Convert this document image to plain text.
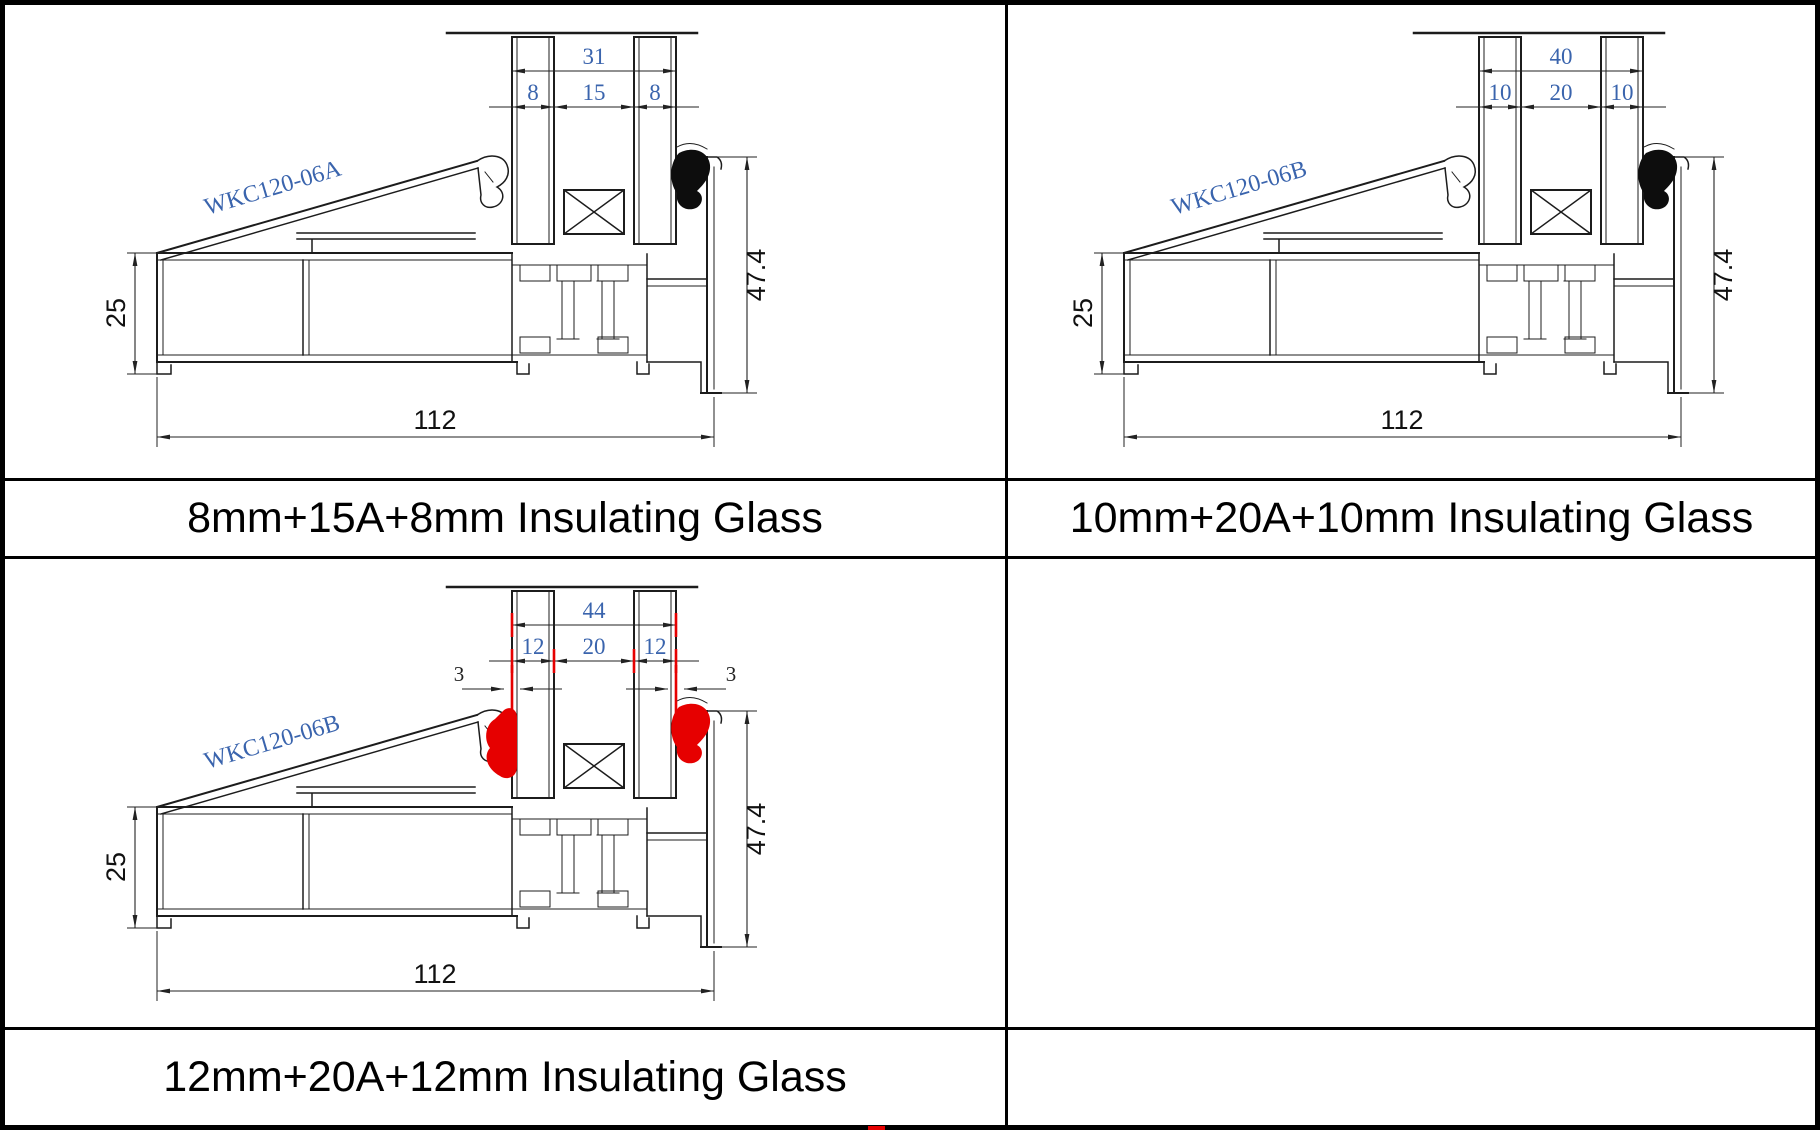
31
8 15 8
WKC120-06A
25
47.4
112
40
10 20 10
WKC120-06B
25
47.4
112
8mm+15A+8mm Insulating Glass	10mm+20A+10mm Insulating Glass
44
12 20 12
WKC120-06B
3	3
25
47.4
112
12mm+20A+12mm Insulating Glass
